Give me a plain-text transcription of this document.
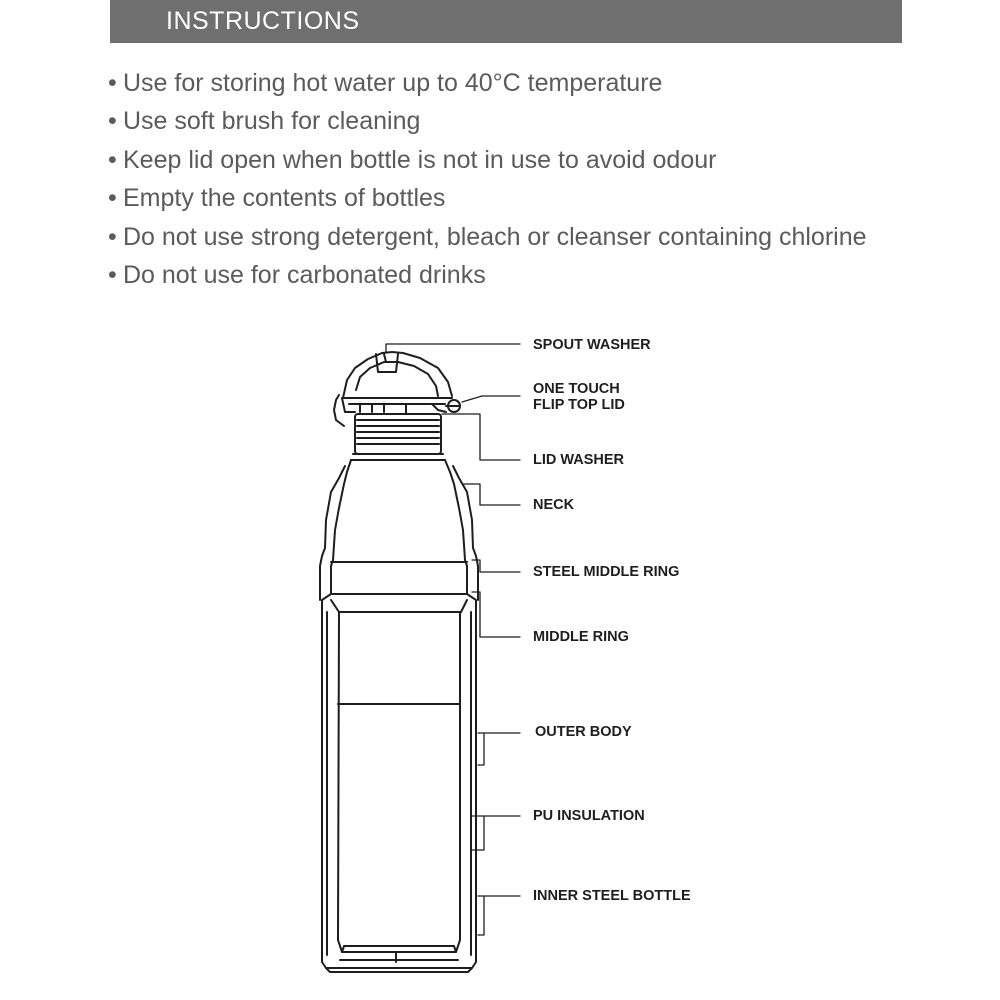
INSTRUCTIONS
• Use for storing hot water up to 40°C temperature
• Use soft brush for cleaning
• Keep lid open when bottle is not in use to avoid odour
• Empty the contents of bottles
• Do not use strong detergent, bleach or cleanser containing chlorine
• Do not use for carbonated drinks
SPOUT WASHER
ONE TOUCH
FLIP TOP LID
LID WASHER
NECK
STEEL MIDDLE RING
MIDDLE RING
OUTER BODY
PU INSULATION
INNER STEEL BOTTLE
